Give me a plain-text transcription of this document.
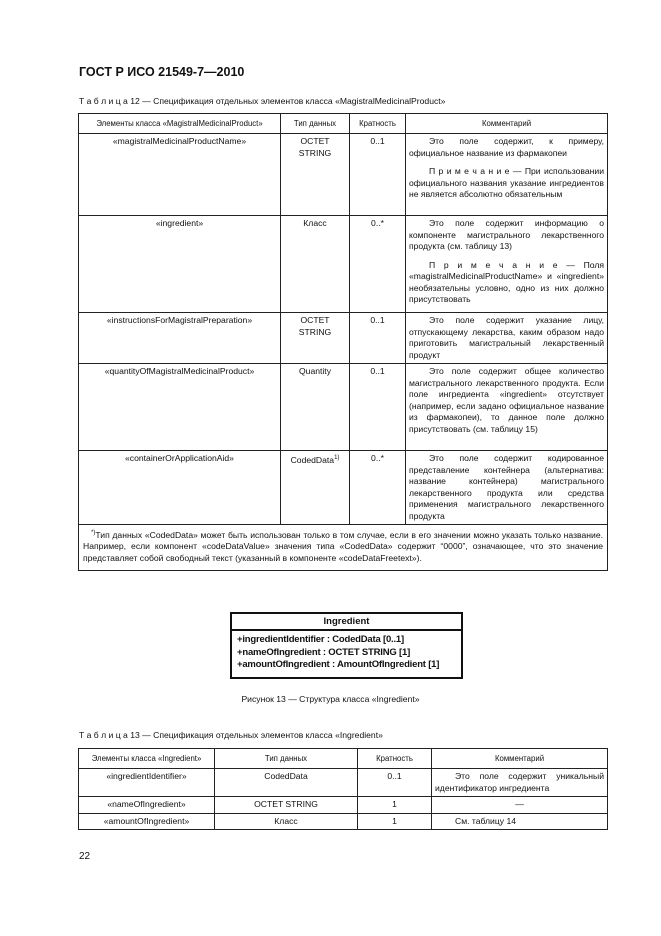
ГОСТ Р ИСО 21549-7—2010
Т а б л и ц а 12 — Спецификация отдельных элементов класса «MagistralMedicinalProduct»
Элементы класса «MagistralMedicinalProduct»	Тип данных	Кратность	Комментарий
«magistralMedicinalProductName»	OCTET STRING	0..1	Это поле содержит, к примеру, официальное название из фармакопеи

П р и м е ч а н и е — При использовании официального названия указание ингредиентов не является абсолютно обязательным

«ingredient»	Класс	0..*	Это поле содержит информацию о компоненте магистрального лекарственного продукта (см. таблицу 13)

П р и м е ч а н и е — Поля «magistralMedicinalProductName» и «ingredient» необязательны условно, одно из них должно присутствовать

«instructionsForMagistralPreparation»	OCTET STRING	0..1	Это поле содержит указание лицу, отпускающему лекарства, каким образом надо приготовить магистральный лекарственный продукт

«quantityOfMagistralMedicinalProduct»	Quantity	0..1	Это поле содержит общее количество магистрального лекарственного продукта. Если поле ингредиента «ingredient» отсутствует (например, если задано официальное название из фармакопеи), то данное поле должно присутствовать (см. таблицу 15)

«containerOrApplicationAid»	CodedData$^{1)}$	0..*	Это поле содержит кодированное представление контейнера (альтернатива: название контейнера) магистрального лекарственного продукта или средства применения магистрального лекарственного продукта

*)Тип данных «CodedData» может быть использован только в том случае, если в его значении можно указать только название. Например, если компонент «codeDataValue» значения типа «CodedData» содержит “0000”, означающее, что это значение представляет собой свободный текст (указанный в компоненте «codeDataFreetext»).			
Ingredient
+ingredientIdentifier : CodedData [0..1]
+nameOfIngredient : OCTET STRING [1]
+amountOfIngredient : AmountOfIngredient [1]
Рисунок 13 — Структура класса «Ingredient»
Т а б л и ц а 13 — Спецификация отдельных элементов класса «Ingredient»
Элементы класса «Ingredient»	Тип данных	Кратность	Комментарий
«ingredientIdentifier»	CodedData	0..1	Это поле содержит уникальный идентификатор ингредиента

«nameOfIngredient»	OCTET STRING	1	—
«amountOfIngredient»	Класс	1	См. таблицу 14

22
